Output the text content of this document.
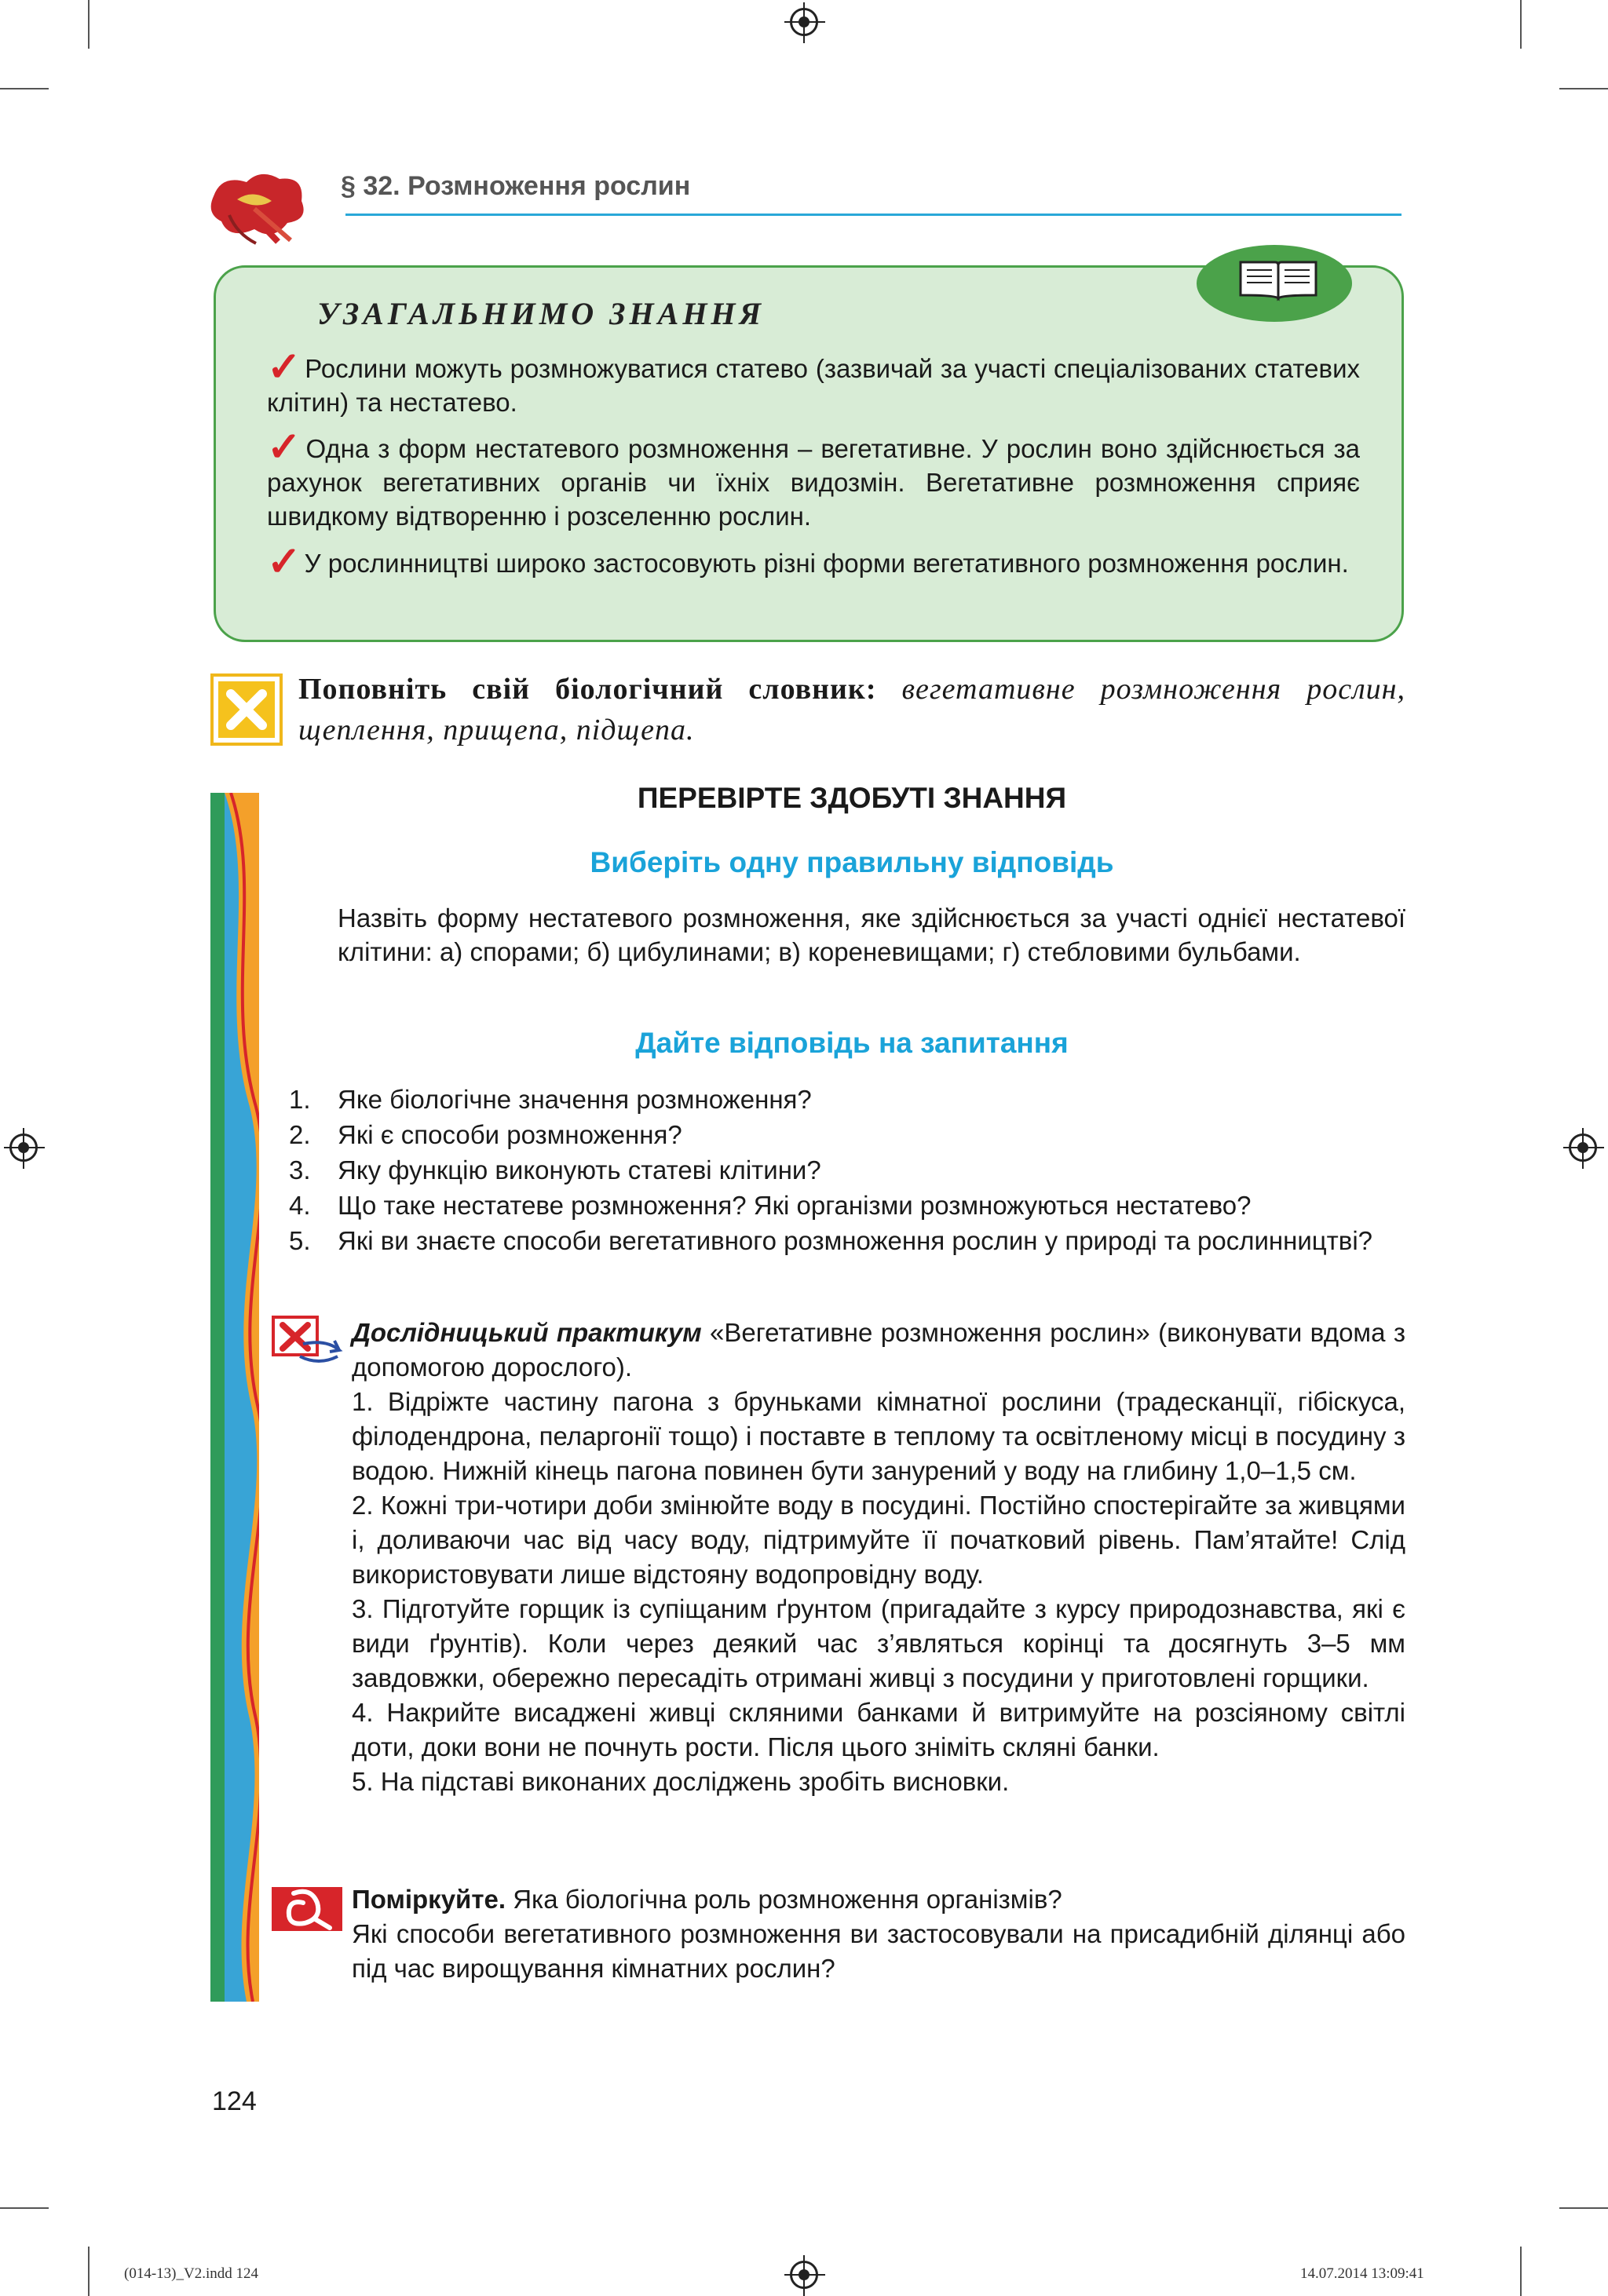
§ 32. Розмноження рослин
УЗАГАЛЬНИМО ЗНАННЯ
✓ Рослини можуть розмножуватися статево (зазвичай за участі спеціалізованих статевих клітин) та нестатево.
✓ Одна з форм нестатевого розмноження – вегетативне. У рослин воно здійснюється за рахунок вегетативних органів чи їхніх видозмін. Вегетативне розмноження сприяє швидкому відтворенню і розселенню рослин.
✓ У рослинництві широко застосовують різні форми вегетативного розмноження рослин.
Поповніть свій біологічний словник: вегетативне розмноження рослин, щеплення, прищепа, підщепа.
ПЕРЕВІРТЕ ЗДОБУТІ ЗНАННЯ
Виберіть одну правильну відповідь
Назвіть форму нестатевого розмноження, яке здійснюється за участі однієї нестатевої клітини: а) спорами; б) цибулинами; в) кореневищами; г) стебловими бульбами.
Дайте відповідь на запитання
1. Яке біологічне значення розмноження?
2. Які є способи розмноження?
3. Яку функцію виконують статеві клітини?
4. Що таке нестатеве розмноження? Які організми розмножуються нестатево?
5. Які ви знаєте способи вегетативного розмноження рослин у природі та рослинництві?
Дослідницький практикум «Вегетативне розмноження рослин» (виконувати вдома з допомогою дорослого).
1. Відріжте частину пагона з бруньками кімнатної рослини (традесканції, гібіскуса, філодендрона, пеларгонії тощо) і поставте в теплому та освітленому місці в посудину з водою. Нижній кінець пагона повинен бути занурений у воду на глибину 1,0–1,5 см.
2. Кожні три-чотири доби змінюйте воду в посудині. Постійно спостерігайте за живцями і, доливаючи час від часу воду, підтримуйте її початковий рівень. Пам’ятайте! Слід використовувати лише відстояну водопровідну воду.
3. Підготуйте горщик із супіщаним ґрунтом (пригадайте з курсу природознавства, які є види ґрунтів). Коли через деякий час з’являться корінці та досягнуть 3–5 мм завдовжки, обережно пересадіть отримані живці з посудини у приготовлені горщики.
4. Накрийте висаджені живці скляними банками й витримуйте на розсіяному світлі доти, доки вони не почнуть рости. Після цього зніміть скляні банки.
5. На підставі виконаних досліджень зробіть висновки.
Поміркуйте. Яка біологічна роль розмноження організмів?
Які способи вегетативного розмноження ви застосовували на присадибній ділянці або під час вирощування кімнатних рослин?
124
(014-13)_V2.indd 124	14.07.2014 13:09:41
